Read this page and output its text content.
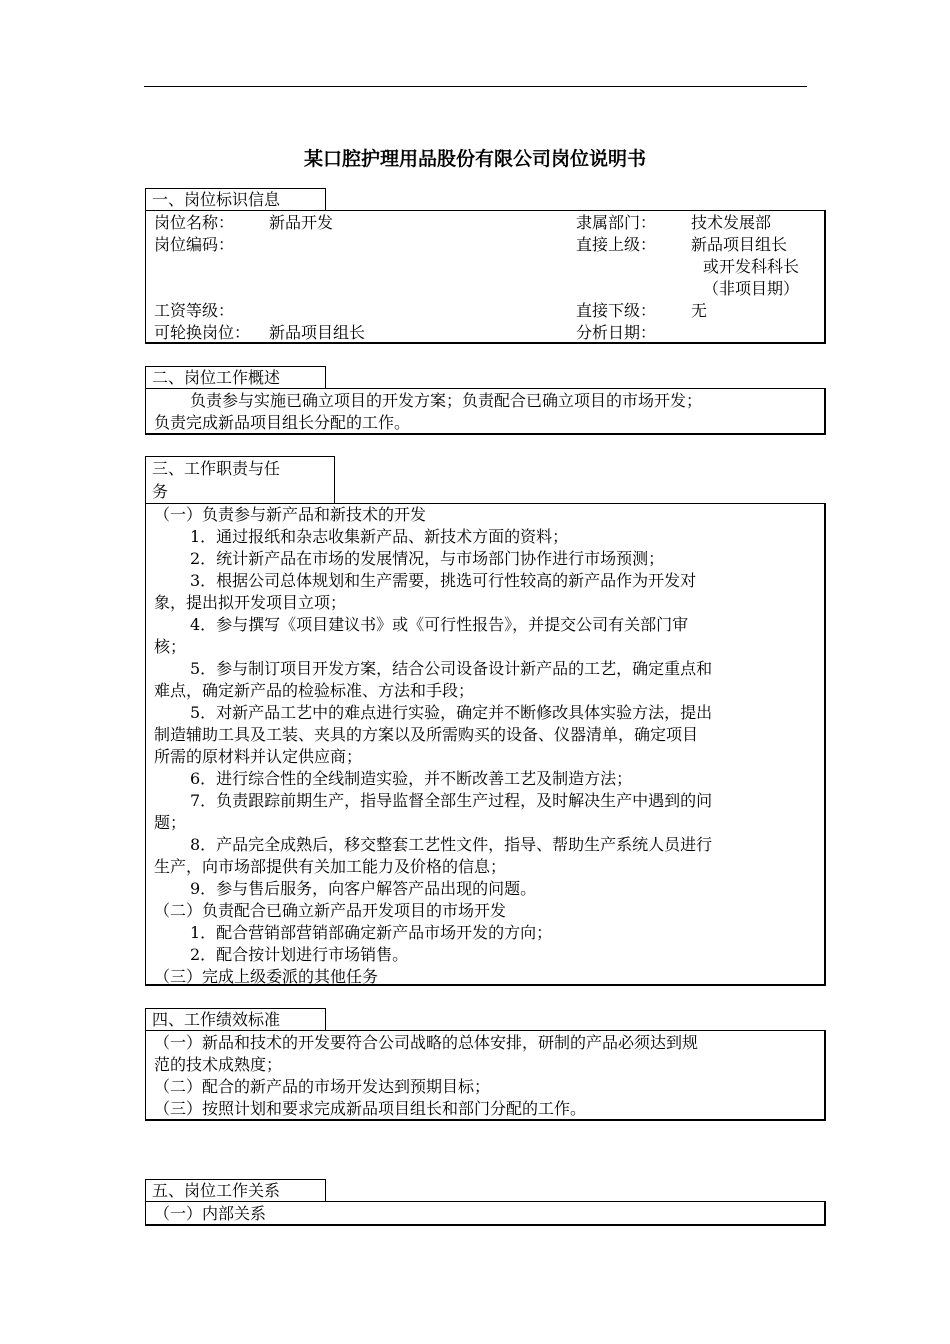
某口腔护理用品股份有限公司岗位说明书
一、岗位标识信息
岗位名称： 新品开发	隶属部门： 技术发展部
岗位编码：	直接上级： 新品项目组长
或开发科科长
（非项目期）
工资等级：	直接下级： 无
可轮换岗位： 新品项目组长	分析日期：
二、岗位工作概述
负责参与实施已确立项目的开发方案；负责配合已确立项目的市场开发；
负责完成新品项目组长分配的工作。
三、工作职责与任
务
（一）负责参与新产品和新技术的开发
1．通过报纸和杂志收集新产品、新技术方面的资料；
2．统计新产品在市场的发展情况，与市场部门协作进行市场预测；
3．根据公司总体规划和生产需要，挑选可行性较高的新产品作为开发对
象，提出拟开发项目立项；
4．参与撰写《项目建议书》或《可行性报告》，并提交公司有关部门审
核；
5．参与制订项目开发方案，结合公司设备设计新产品的工艺，确定重点和
难点，确定新产品的检验标准、方法和手段；
5．对新产品工艺中的难点进行实验，确定并不断修改具体实验方法，提出
制造辅助工具及工装、夹具的方案以及所需购买的设备、仪器清单，确定项目
所需的原材料并认定供应商；
6．进行综合性的全线制造实验，并不断改善工艺及制造方法；
7．负责跟踪前期生产，指导监督全部生产过程，及时解决生产中遇到的问
题；
8．产品完全成熟后，移交整套工艺性文件，指导、帮助生产系统人员进行
生产，向市场部提供有关加工能力及价格的信息；
9．参与售后服务，向客户解答产品出现的问题。
（二）负责配合已确立新产品开发项目的市场开发
1．配合营销部营销部确定新产品市场开发的方向；
2．配合按计划进行市场销售。
（三）完成上级委派的其他任务
四、工作绩效标准
（一）新品和技术的开发要符合公司战略的总体安排，研制的产品必须达到规
范的技术成熟度；
（二）配合的新产品的市场开发达到预期目标；
（三）按照计划和要求完成新品项目组长和部门分配的工作。
五、岗位工作关系
（一）内部关系
